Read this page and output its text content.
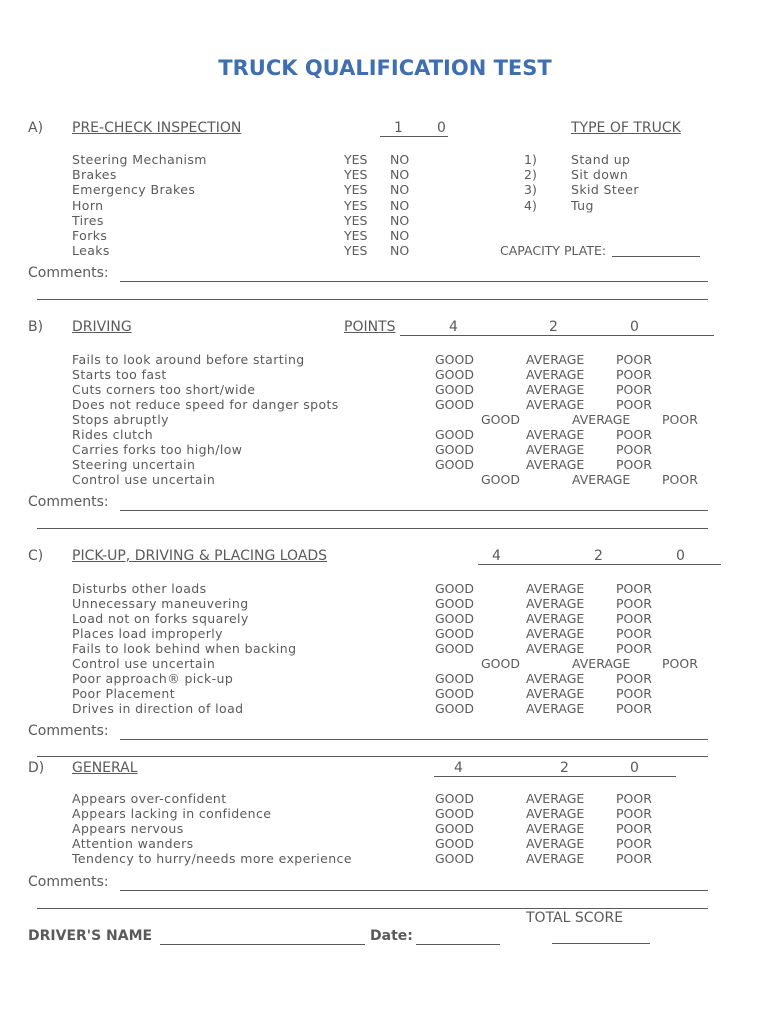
TRUCK QUALIFICATION TEST
A) PRE-CHECK INSPECTION	1 0	TYPE OF TRUCK
Steering Mechanism	YES NO
Brakes	YES NO
Emergency Brakes	YES NO
Horn	YES NO
Tires	YES NO
Forks	YES NO
Leaks	YES NO
1)	Stand up
2)	Sit down
3)	Skid Steer
4)	Tug
CAPACITY PLATE:
Comments:
B) DRIVING	POINTS	4	2	0
Fails to look around before starting	GOOD	AVERAGE	POOR
Starts too fast	GOOD	AVERAGE	POOR
Cuts corners too short/wide	GOOD	AVERAGE	POOR
Does not reduce speed for danger spots	GOOD	AVERAGE	POOR
Stops abruptly	GOOD	AVERAGE	POOR
Rides clutch	GOOD	AVERAGE	POOR
Carries forks too high/low	GOOD	AVERAGE	POOR
Steering uncertain	GOOD	AVERAGE	POOR
Control use uncertain	GOOD	AVERAGE	POOR
Comments:
C) PICK-UP, DRIVING & PLACING LOADS	4	2	0
Disturbs other loads	GOOD	AVERAGE	POOR
Unnecessary maneuvering	GOOD	AVERAGE	POOR
Load not on forks squarely	GOOD	AVERAGE	POOR
Places load improperly	GOOD	AVERAGE	POOR
Fails to look behind when backing	GOOD	AVERAGE	POOR
Control use uncertain	GOOD	AVERAGE	POOR
Poor approach® pick-up	GOOD	AVERAGE	POOR
Poor Placement	GOOD	AVERAGE	POOR
Drives in direction of load	GOOD	AVERAGE	POOR
Comments:
D) GENERAL	4	2	0
Appears over-confident	GOOD	AVERAGE	POOR
Appears lacking in confidence	GOOD	AVERAGE	POOR
Appears nervous	GOOD	AVERAGE	POOR
Attention wanders	GOOD	AVERAGE	POOR
Tendency to hurry/needs more experience	GOOD	AVERAGE	POOR
Comments:
TOTAL SCORE
DRIVER'S NAME	Date:
